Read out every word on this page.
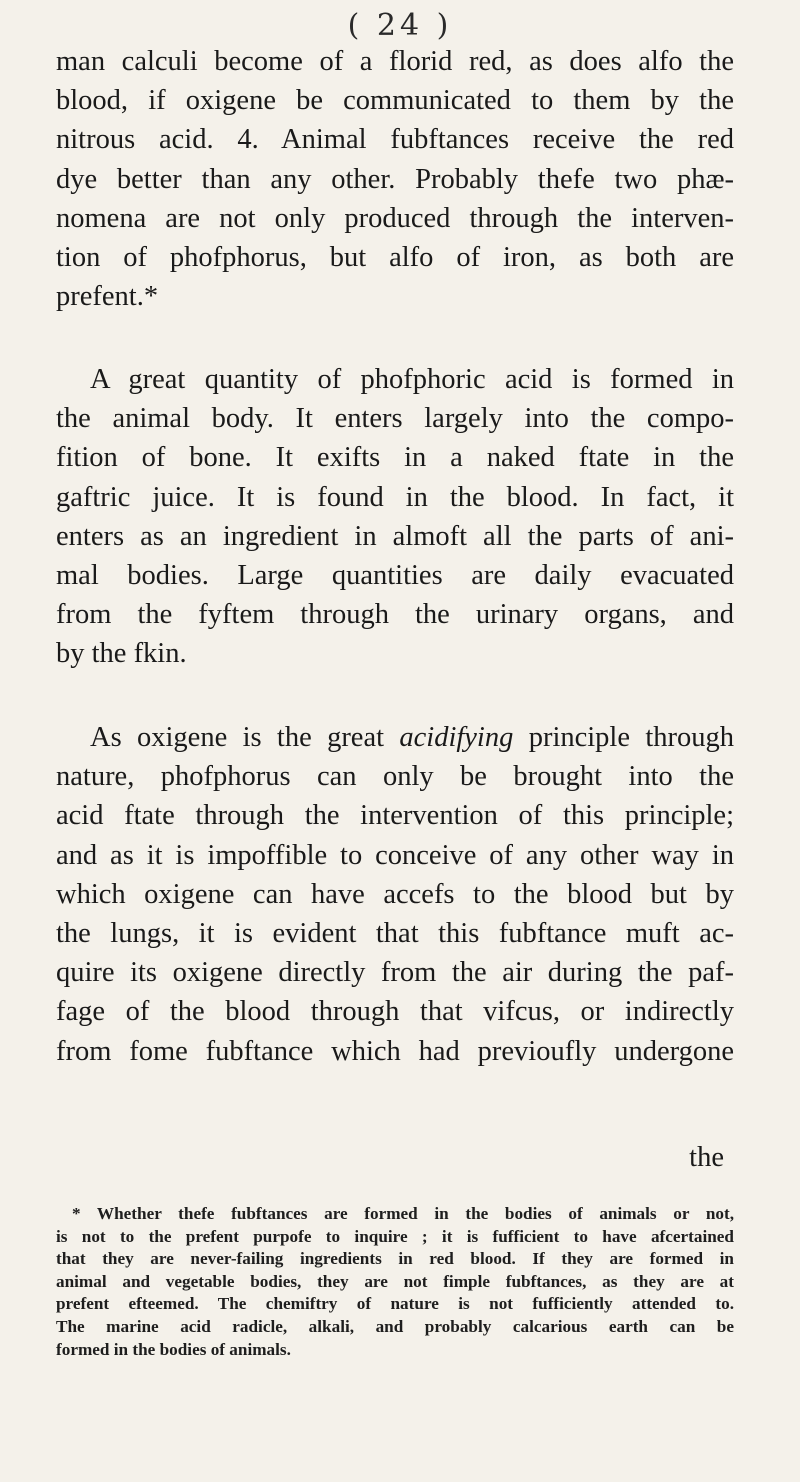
( 24 )
man calculi become of a florid red, as does alfo the
blood, if oxigene be communicated to them by the
nitrous acid. 4. Animal fubftances receive the red
dye better than any other. Probably thefe two phæ-
nomena are not only produced through the interven-
tion of phofphorus, but alfo of iron, as both are
prefent.*
A great quantity of phofphoric acid is formed in
the animal body. It enters largely into the compo-
fition of bone. It exifts in a naked ftate in the
gaftric juice. It is found in the blood. In fact, it
enters as an ingredient in almoft all the parts of ani-
mal bodies. Large quantities are daily evacuated
from the fyftem through the urinary organs, and
by the fkin.
As oxigene is the great acidifying principle through
nature, phofphorus can only be brought into the
acid ftate through the intervention of this principle;
and as it is impoffible to conceive of any other way in
which oxigene can have accefs to the blood but by
the lungs, it is evident that this fubftance muft ac-
quire its oxigene directly from the air during the paf-
fage of the blood through that vifcus, or indirectly
from fome fubftance which had previoufly undergone
the
* Whether thefe fubftances are formed in the bodies of animals or not,
is not to the prefent purpofe to inquire ; it is fufficient to have afcertained
that they are never-failing ingredients in red blood. If they are formed in
animal and vegetable bodies, they are not fimple fubftances, as they are at
prefent efteemed. The chemiftry of nature is not fufficiently attended to.
The marine acid radicle, alkali, and probably calcarious earth can be
formed in the bodies of animals.
